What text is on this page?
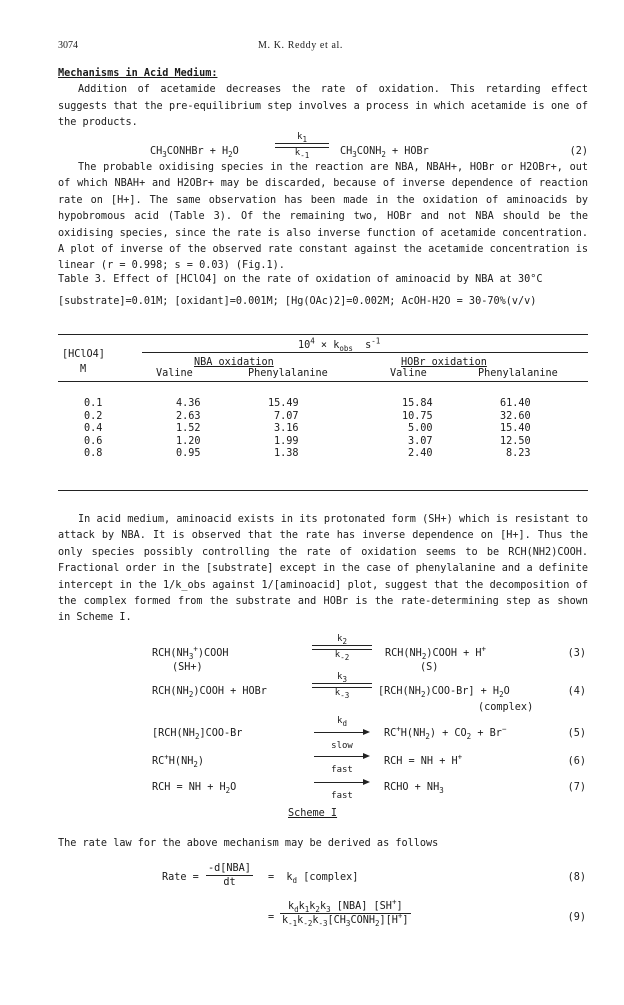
3074	M. K. Reddy et al.

Mechanisms in Acid Medium:

Addition of acetamide decreases the rate of oxidation. This retarding effect suggests that the pre-equilibrium step involves a process in which acetamide is one of the products.

$CH_3CONHBr + H_2O$
$k_1$
$k_{-1}$	$CH_3CONH_2$ + HOBr	(2)

The probable oxidising species in the reaction are NBA, NBAH+, HOBr or H2OBr+, out of which NBAH+ and H2OBr+ may be discarded, because of inverse dependence of reaction rate on [H+]. The same observation has been made in the oxidation of aminoacids by hypobromous acid (Table 3). Of the remaining two, HOBr and not NBA should be the oxidising species, since the rate is also inverse function of acetamide concentration. A plot of inverse of the observed rate constant against the acetamide concentration is linear (r = 0.998; s = 0.03) (Fig.1).

Table 3. Effect of [HClO4] on the rate of oxidation of aminoacid by NBA at 30°C

[substrate]=0.01M; [oxidant]=0.001M; [Hg(OAc)2]=0.002M; AcOH-H2O = 30-70%(v/v)

[HClO4]
M
$10^4 \times k_{obs}$  $s^{-1}$
NBA oxidation	HOBr oxidation
Valine	Phenylalanine	Valine	Phenylalanine
0.1	4.36	15.49	15.84	61.40
0.2	2.63	7.07	10.75	32.60
0.4	1.52	3.16	5.00	15.40
0.6	1.20	1.99	3.07	12.50
0.8	0.95	1.38	2.40	8.23

In acid medium, aminoacid exists in its protonated form (SH+) which is resistant to attack by NBA. It is observed that the rate has inverse dependence on [H+]. Thus the only species possibly controlling the rate of oxidation seems to be RCH(NH2)COOH. Fractional order in the [substrate] except in the case of phenylalanine and a definite intercept in the 1/k_obs against 1/[aminoacid] plot, suggest that the decomposition of the complex formed from the substrate and HOBr is the rate-determining step as shown in Scheme I.

$RCH(NH_3^+)COOH$
(SH+)
$k_2$
$k_{-2}$	$RCH(NH_2)COOH + H^+$
(S)
(3)
$RCH(NH_2)COOH$ + HOBr
$k_3$
$k_{-3}$	$[RCH(NH_2)COO-Br] + H_2O$
(complex)
(4)
[$RCH(NH_2]COO-Br$
$k_d$
slow
$RC^+H(NH_2) + CO_2 + Br^-$	(5)
$RC^+H(NH_2)$
fast
RCH = NH + H+	(6)
RCH = NH + $H_2O$
fast
RCHO + $NH_3$	(7)
Scheme I
The rate law for the above mechanism may be derived as follows
Rate =
-d[NBA]
dt	=  $k_d$ [complex]	(8)
=
$k_dk_1k_2k_3$ [NBA] [SH+]
$k_{-1}k_{-2}k_{-3}[CH_3CONH_2][H^+]$	(9)
